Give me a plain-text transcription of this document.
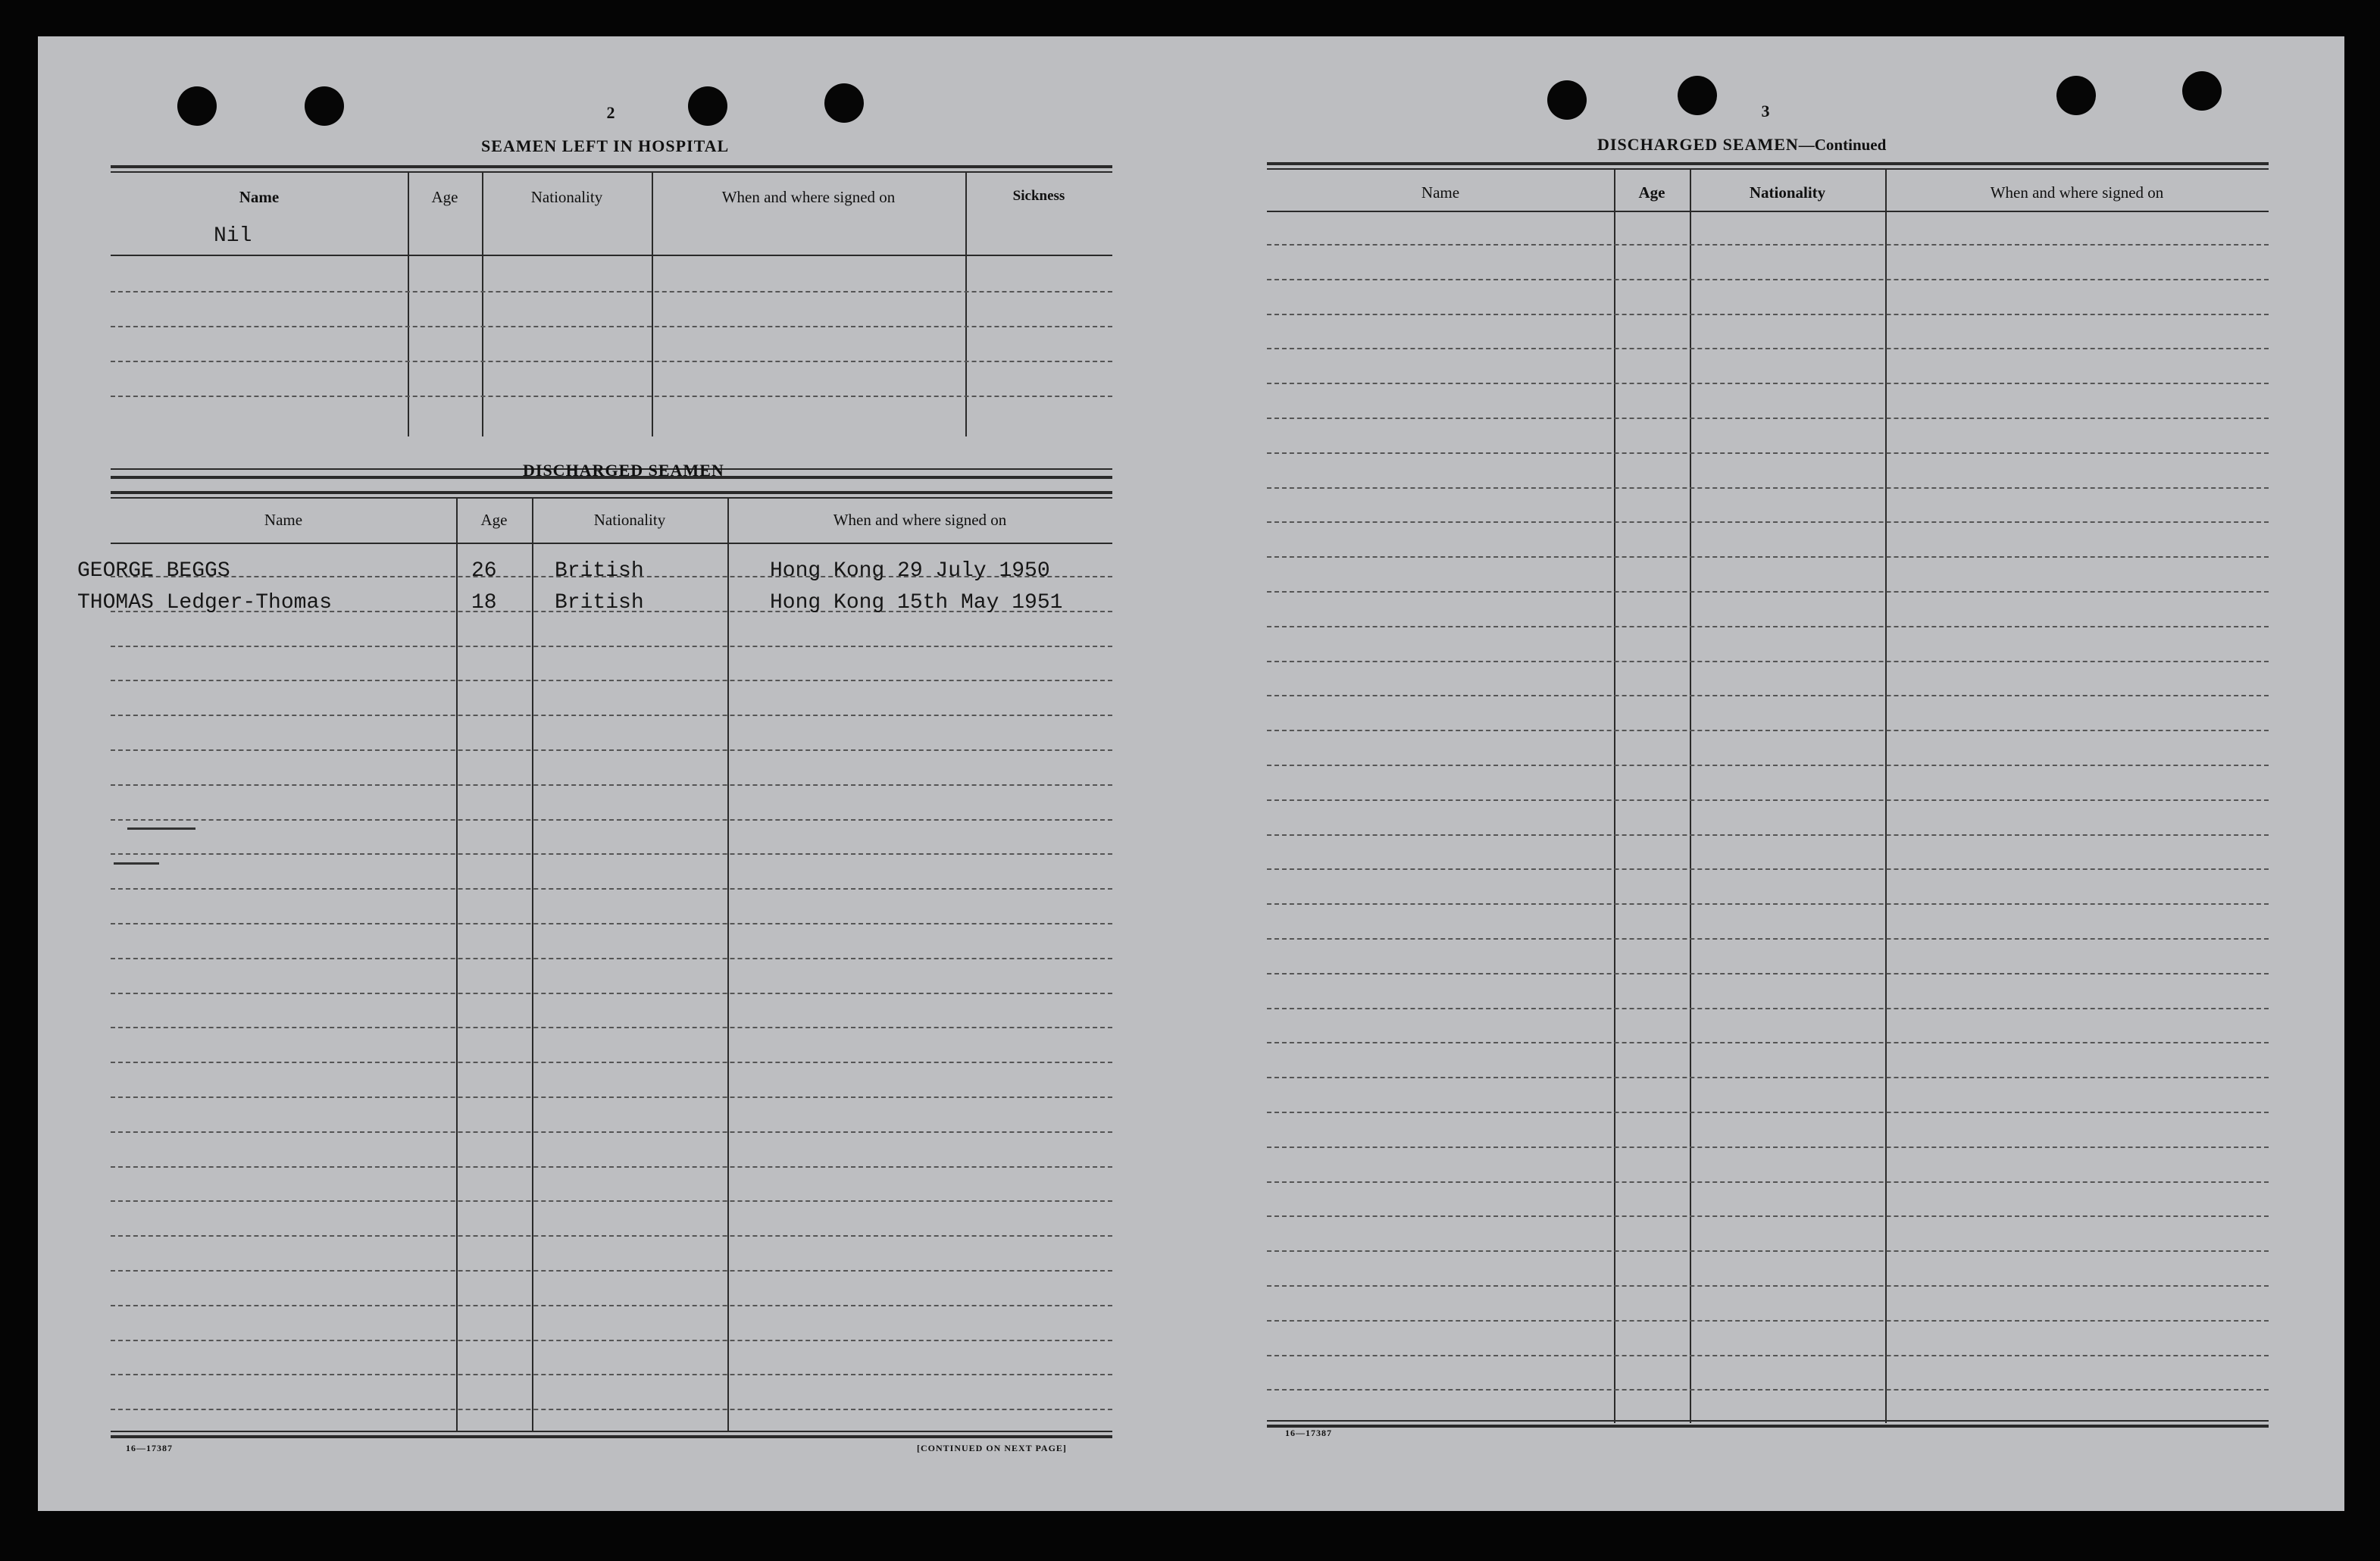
2
SEAMEN LEFT IN HOSPITAL
Name	Age	Nationality	When and where signed on	Sickness
Nil
DISCHARGED SEAMEN
Name	Age	Nationality	When and where signed on
GEORGE BEGGS	26	British	Hong Kong 29 July 1950
THOMAS Ledger-Thomas	18	British	Hong Kong 15th May 1951
16—17387	[CONTINUED ON NEXT PAGE]
3
DISCHARGED SEAMEN—Continued
Name	Age	Nationality	When and where signed on
16—17387
